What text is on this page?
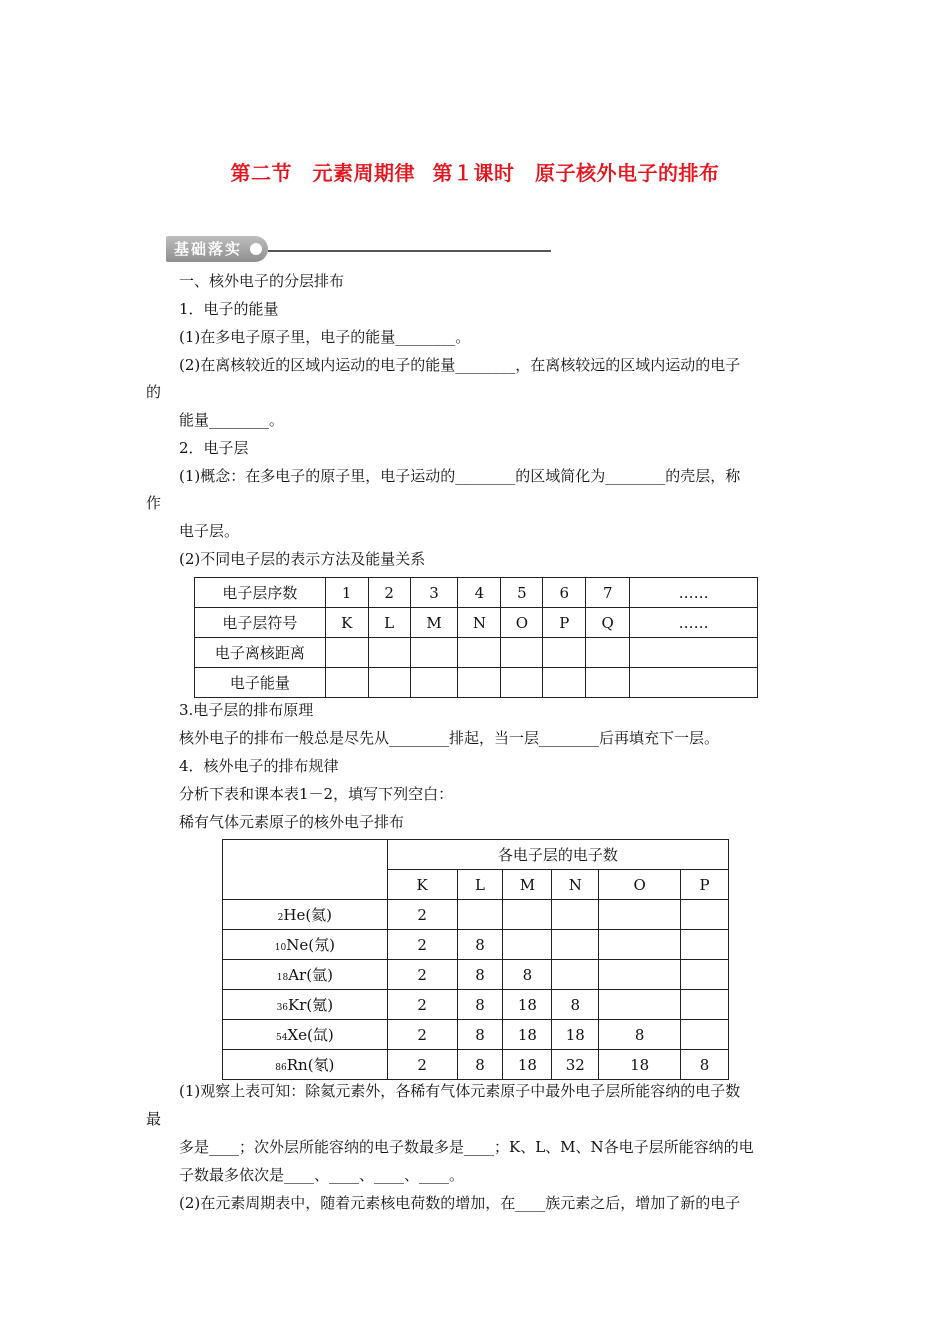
第二节　元素周期律 第１课时　原子核外电子的排布
基础落实
一、核外电子的分层排布
1．电子的能量
(1)在多电子原子里，电子的能量________。
(2)在离核较近的区域内运动的电子的能量________，在离核较远的区域内运动的电子
的
能量________。
2．电子层
(1)概念：在多电子的原子里，电子运动的________的区域简化为________的壳层，称
作
电子层。
(2)不同电子层的表示方法及能量关系
电子层序数	1	2	3	4	5	6	7	……
电子层符号	K	L	M	N	O	P	Q	……
电子离核距离								
电子能量								
3.电子层的排布原理
核外电子的排布一般总是尽先从________排起，当一层________后再填充下一层。
4．核外电子的排布规律
分析下表和课本表1－2，填写下列空白：
稀有气体元素原子的核外电子排布
	各电子层的电子数					
	K	L	M	N	O	P
2He(氦)	2					
10Ne(氖)	2	8				
18Ar(氩)	2	8	8			
36Kr(氪)	2	8	18	8		
54Xe(氙)	2	8	18	18	8	
86Rn(氡)	2	8	18	32	18	8
(1)观察上表可知：除氦元素外，各稀有气体元素原子中最外电子层所能容纳的电子数
最
多是____；次外层所能容纳的电子数最多是____；K、L、M、N各电子层所能容纳的电
子数最多依次是____、____、____、____。
(2)在元素周期表中，随着元素核电荷数的增加，在____族元素之后，增加了新的电子
